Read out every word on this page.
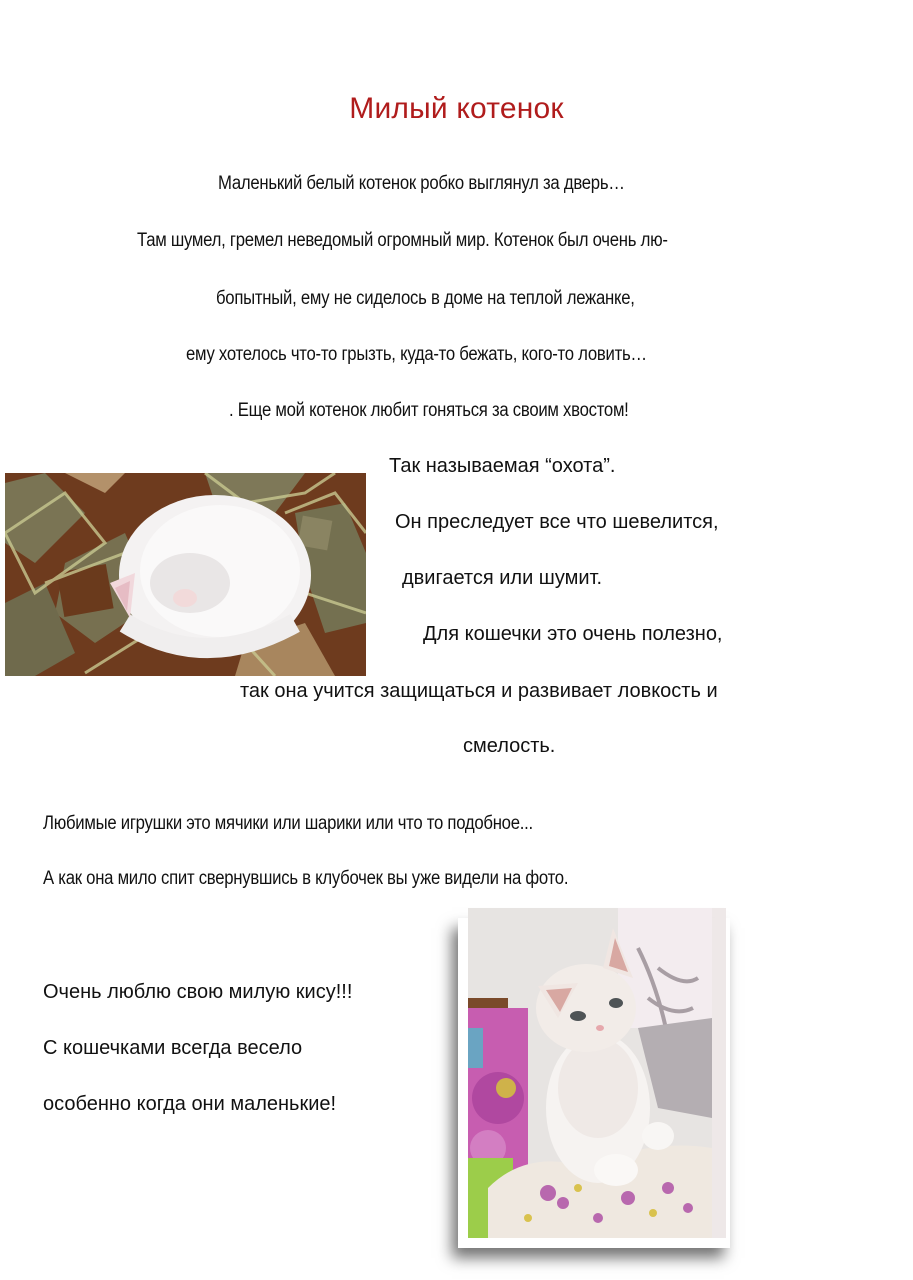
Милый котенок
Маленький белый котенок робко выглянул за дверь…
Там шумел, гремел неведомый огромный мир. Котенок был очень лю-
бопытный, ему не сиделось в доме на теплой лежанке,
ему хотелось что-то грызть, куда-то бежать, кого-то ловить…
. Еще мой котенок любит гоняться за своим хвостом!
Так называемая “охота”.
Он преследует все что шевелится,
двигается или шумит.
Для кошечки это очень полезно,
так она учится защищаться и развивает ловкость и
смелость.
Любимые игрушки это мячики или шарики или что то подобное...
А как она мило спит свернувшись в клубочек вы уже видели на фото.
Очень люблю свою милую кису!!!
С кошечками всегда весело
особенно когда они маленькие!
